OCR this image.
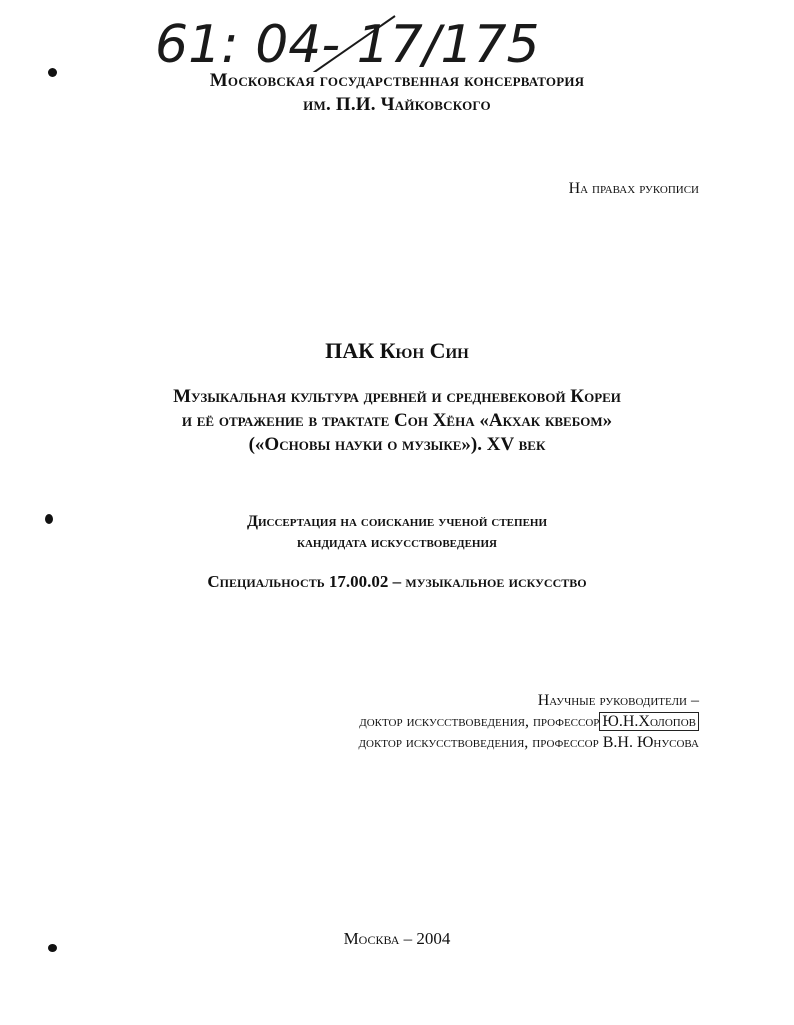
61: 04- 17/175
Московская государственная консерватория
им. П.И. Чайковского
На правах рукописи
ПАК Кюн Син
Музыкальная культура древней и средневековой Кореи
и её отражение в трактате Сон Хёна «Акхак квебом»
(«Основы науки о музыке»). XV век
Диссертация на соискание ученой степени
кандидата искусствоведения
Специальность 17.00.02 – музыкальное искусство
Научные руководители –
доктор искусствоведения, профессор Ю.Н.Холопов
доктор искусствоведения, профессор В.Н. Юнусова
Москва – 2004
